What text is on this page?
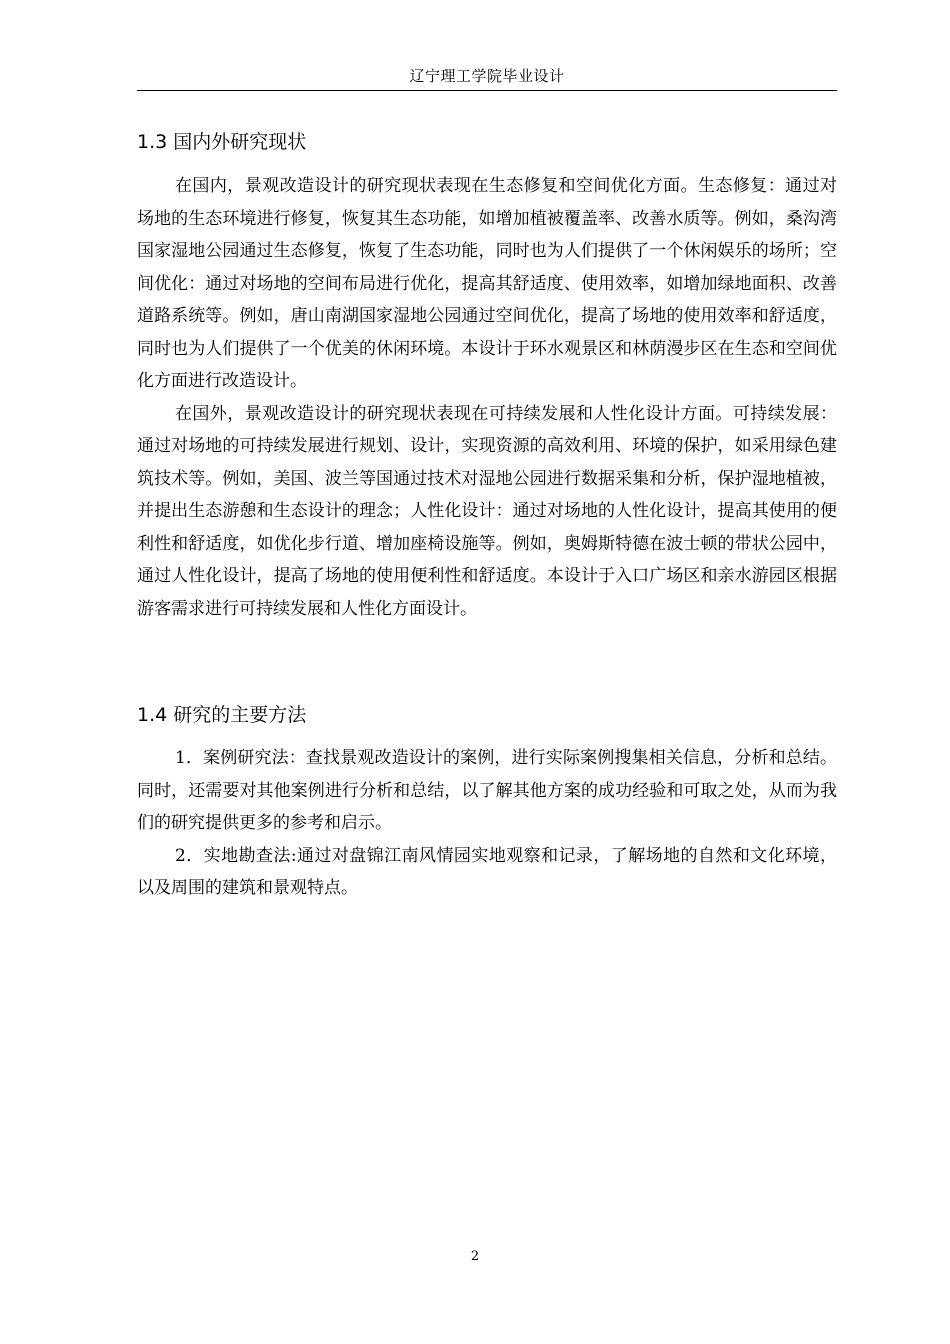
辽宁理工学院毕业设计
1.3 国内外研究现状

在国内，景观改造设计的研究现状表现在生态修复和空间优化方面。生态修复：通过对场地的生态环境进行修复，恢复其生态功能，如增加植被覆盖率、改善水质等。例如，桑沟湾国家湿地公园通过生态修复，恢复了生态功能，同时也为人们提供了一个休闲娱乐的场所；空间优化：通过对场地的空间布局进行优化，提高其舒适度、使用效率，如增加绿地面积、改善道路系统等。例如，唐山南湖国家湿地公园通过空间优化，提高了场地的使用效率和舒适度，同时也为人们提供了一个优美的休闲环境。本设计于环水观景区和林荫漫步区在生态和空间优化方面进行改造设计。

在国外，景观改造设计的研究现状表现在可持续发展和人性化设计方面。可持续发展：通过对场地的可持续发展进行规划、设计，实现资源的高效利用、环境的保护，如采用绿色建筑技术等。例如，美国、波兰等国通过技术对湿地公园进行数据采集和分析，保护湿地植被，并提出生态游憩和生态设计的理念；人性化设计：通过对场地的人性化设计，提高其使用的便利性和舒适度，如优化步行道、增加座椅设施等。例如，奥姆斯特德在波士顿的带状公园中，通过人性化设计，提高了场地的使用便利性和舒适度。本设计于入口广场区和亲水游园区根据游客需求进行可持续发展和人性化方面设计。

1.4 研究的主要方法

1．案例研究法：查找景观改造设计的案例，进行实际案例搜集相关信息，分析和总结。同时，还需要对其他案例进行分析和总结，以了解其他方案的成功经验和可取之处，从而为我们的研究提供更多的参考和启示。

2．实地勘查法:通过对盘锦江南风情园实地观察和记录，了解场地的自然和文化环境，以及周围的建筑和景观特点。

2
